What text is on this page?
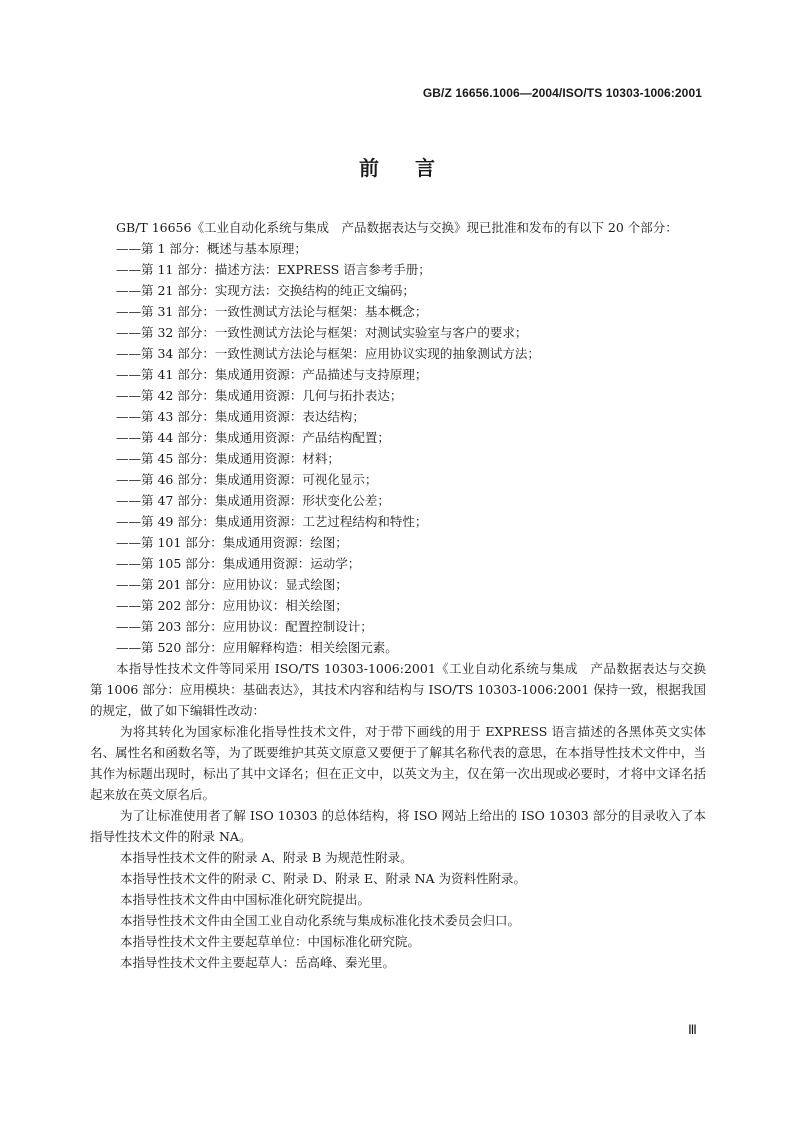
GB/Z 16656.1006—2004/ISO/TS 10303-1006:2001
前言

GB/T 16656《工业自动化系统与集成　产品数据表达与交换》现已批准和发布的有以下 20 个部分：

——第 1 部分：概述与基本原理；
——第 11 部分：描述方法：EXPRESS 语言参考手册；
——第 21 部分：实现方法：交换结构的纯正文编码；
——第 31 部分：一致性测试方法论与框架：基本概念；
——第 32 部分：一致性测试方法论与框架：对测试实验室与客户的要求；
——第 34 部分：一致性测试方法论与框架：应用协议实现的抽象测试方法；
——第 41 部分：集成通用资源：产品描述与支持原理；
——第 42 部分：集成通用资源：几何与拓扑表达；
——第 43 部分：集成通用资源：表达结构；
——第 44 部分：集成通用资源：产品结构配置；
——第 45 部分：集成通用资源：材料；
——第 46 部分：集成通用资源：可视化显示；
——第 47 部分：集成通用资源：形状变化公差；
——第 49 部分：集成通用资源：工艺过程结构和特性；
——第 101 部分：集成通用资源：绘图；
——第 105 部分：集成通用资源：运动学；
——第 201 部分：应用协议：显式绘图；
——第 202 部分：应用协议：相关绘图；
——第 203 部分：应用协议：配置控制设计；
——第 520 部分：应用解释构造：相关绘图元素。

本指导性技术文件等同采用 ISO/TS 10303-1006:2001《工业自动化系统与集成　产品数据表达与交换　第 1006 部分：应用模块：基础表达》，其技术内容和结构与 ISO/TS 10303-1006:2001 保持一致，根据我国的规定，做了如下编辑性改动：

为将其转化为国家标准化指导性技术文件，对于带下画线的用于 EXPRESS 语言描述的各黑体英文实体名、属性名和函数名等，为了既要维护其英文原意又要便于了解其名称代表的意思，在本指导性技术文件中，当其作为标题出现时，标出了其中文译名；但在正文中，以英文为主，仅在第一次出现或必要时，才将中文译名括起来放在英文原名后。

为了让标准使用者了解 ISO 10303 的总体结构，将 ISO 网站上给出的 ISO 10303 部分的目录收入了本指导性技术文件的附录 NA。

本指导性技术文件的附录 A、附录 B 为规范性附录。

本指导性技术文件的附录 C、附录 D、附录 E、附录 NA 为资料性附录。

本指导性技术文件由中国标准化研究院提出。

本指导性技术文件由全国工业自动化系统与集成标准化技术委员会归口。

本指导性技术文件主要起草单位：中国标准化研究院。

本指导性技术文件主要起草人：岳高峰、秦光里。

Ⅲ
